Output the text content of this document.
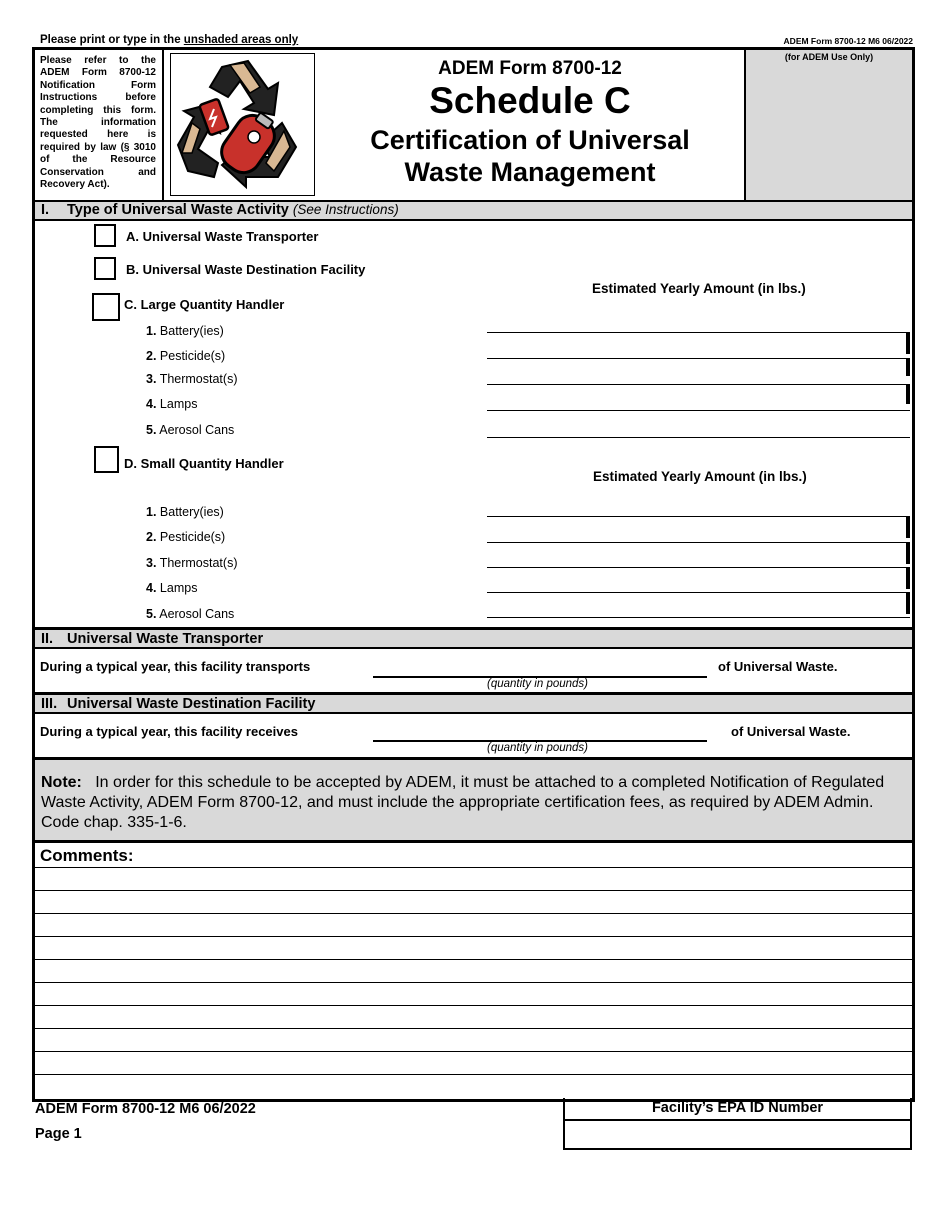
Please print or type in the unshaded areas only	ADEM Form 8700-12 M6 06/2022
Please refer to the ADEM Form 8700-12 Notification Form Instructions before completing this form. The information requested here is required by law (§ 3010 of the Resource Conservation and Recovery Act).
ADEM Form 8700-12
Schedule C
Certification of Universal
Waste Management
(for ADEM Use Only)
I. Type of Universal Waste Activity (See Instructions)
A. Universal Waste Transporter
B. Universal Waste Destination Facility
Estimated Yearly Amount (in lbs.)
C. Large Quantity Handler
1. Battery(ies)
2. Pesticide(s)
3. Thermostat(s)
4. Lamps
5. Aerosol Cans
D. Small Quantity Handler
Estimated Yearly Amount (in lbs.)
1. Battery(ies)
2. Pesticide(s)
3. Thermostat(s)
4. Lamps
5. Aerosol Cans
II. Universal Waste Transporter
During a typical year, this facility transports	of Universal Waste.
(quantity in pounds)
III. Universal Waste Destination Facility
During a typical year, this facility receives	of Universal Waste.
(quantity in pounds)
Note: In order for this schedule to be accepted by ADEM, it must be attached to a completed Notification of Regulated Waste Activity, ADEM Form 8700-12, and must include the appropriate certification fees, as required by ADEM Admin. Code chap. 335-1-6.
Comments:
ADEM Form 8700-12 M6 06/2022
Page 1
Facility’s EPA ID Number
